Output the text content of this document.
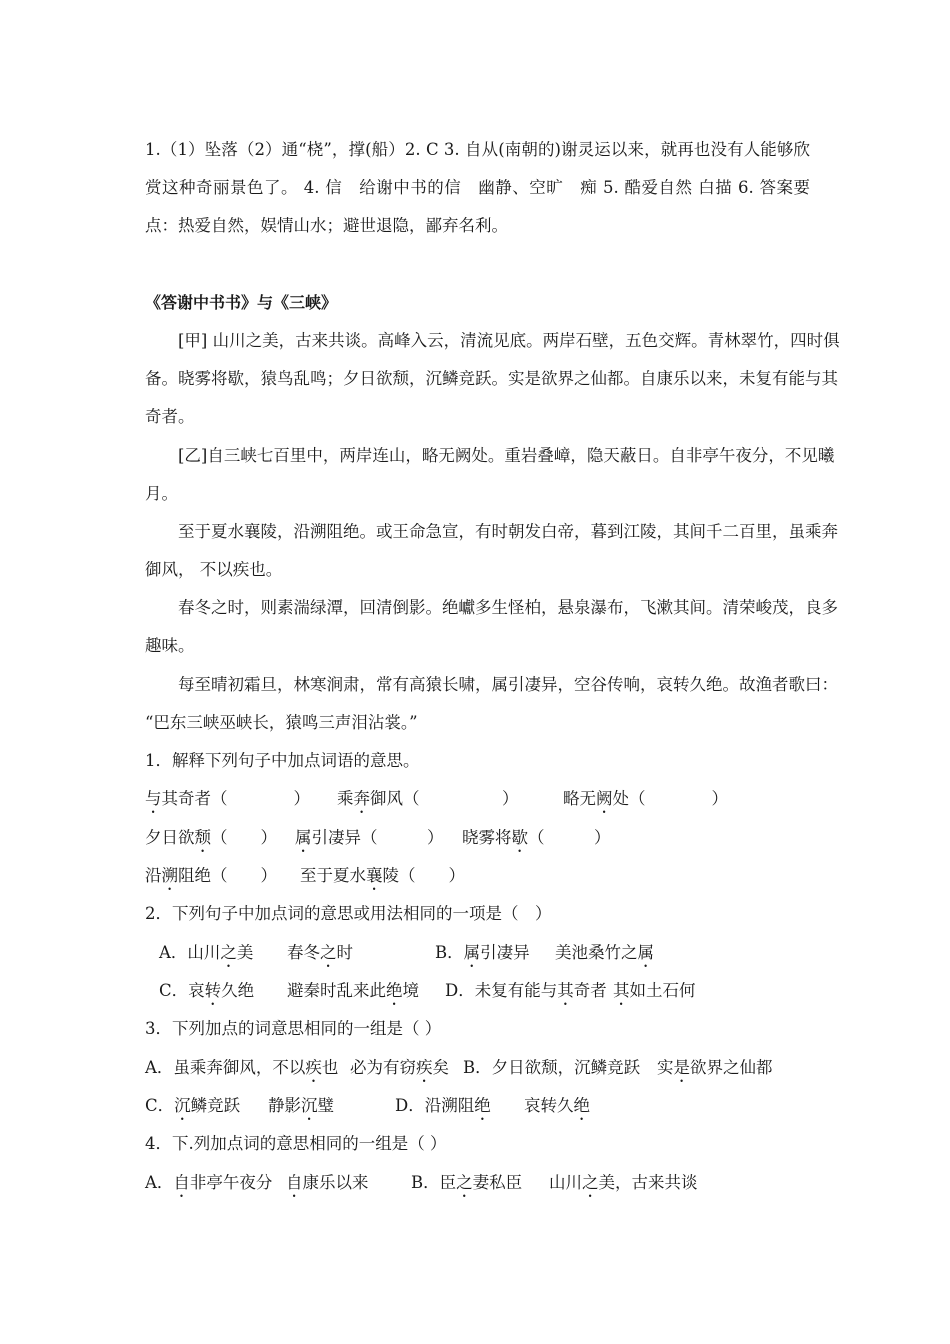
1.（1）坠落（2）通“桡”，撑(船）2. C 3. 自从(南朝的)谢灵运以来，就再也没有人能够欣

赏这种奇丽景色了。 4. 信　给谢中书的信　幽静、空旷　痴 5. 酷爱自然 白描 6. 答案要

点：热爱自然，娱情山水；避世退隐，鄙弃名利。

《答谢中书书》与《三峡》

[甲] 山川之美，古来共谈。高峰入云，清流见底。两岸石壁，五色交辉。青林翠竹，四时俱

备。晓雾将歇，猿鸟乱鸣；夕日欲颓，沉鳞竞跃。实是欲界之仙都。自康乐以来，未复有能与其

奇者。

[乙]自三峡七百里中，两岸连山，略无阙处。重岩叠嶂，隐天蔽日。自非亭午夜分，不见曦

月。

至于夏水襄陵，沿溯阻绝。或王命急宣，有时朝发白帝，暮到江陵，其间千二百里，虽乘奔

御风， 不以疾也。

春冬之时，则素湍绿潭，回清倒影。绝巘多生怪柏，悬泉瀑布，飞漱其间。清荣峻茂，良多

趣味。

每至晴初霜旦，林寒涧肃，常有高猿长啸，属引凄异，空谷传响，哀转久绝。故渔者歌曰：

“巴东三峡巫峡长，猿鸣三声泪沾裳。”

1．解释下列句子中加点词语的意思。

与其奇者（　　　　） 乘奔御风（　　　　　）	略无阙处（　　　　）
夕日欲颓（　　） 属引凄异（　　　） 晓雾将歇（　　　）
沿溯阻绝（　　） 至于夏水襄陵（　　）

2．下列句子中加点词的意思或用法相同的一项是（　）

A．山川之美 春冬之时	B．属引凄异 美池桑竹之属
C．哀转久绝 避秦时乱来此绝境 D．未复有能与其奇者 其如土石何

3．下列加点的词意思相同的一组是（ ）

A．虽乘奔御风，不以疾也 必为有窃疾矣 B．夕日欲颓，沉鳞竞跃 实是欲界之仙都
C．沉鳞竞跃 静影沉璧	D．沿溯阻绝 哀转久绝

4．下.列加点词的意思相同的一组是（ ）

A．自非亭午夜分 自康乐以来	B．臣之妻私臣 山川之美，古来共谈
